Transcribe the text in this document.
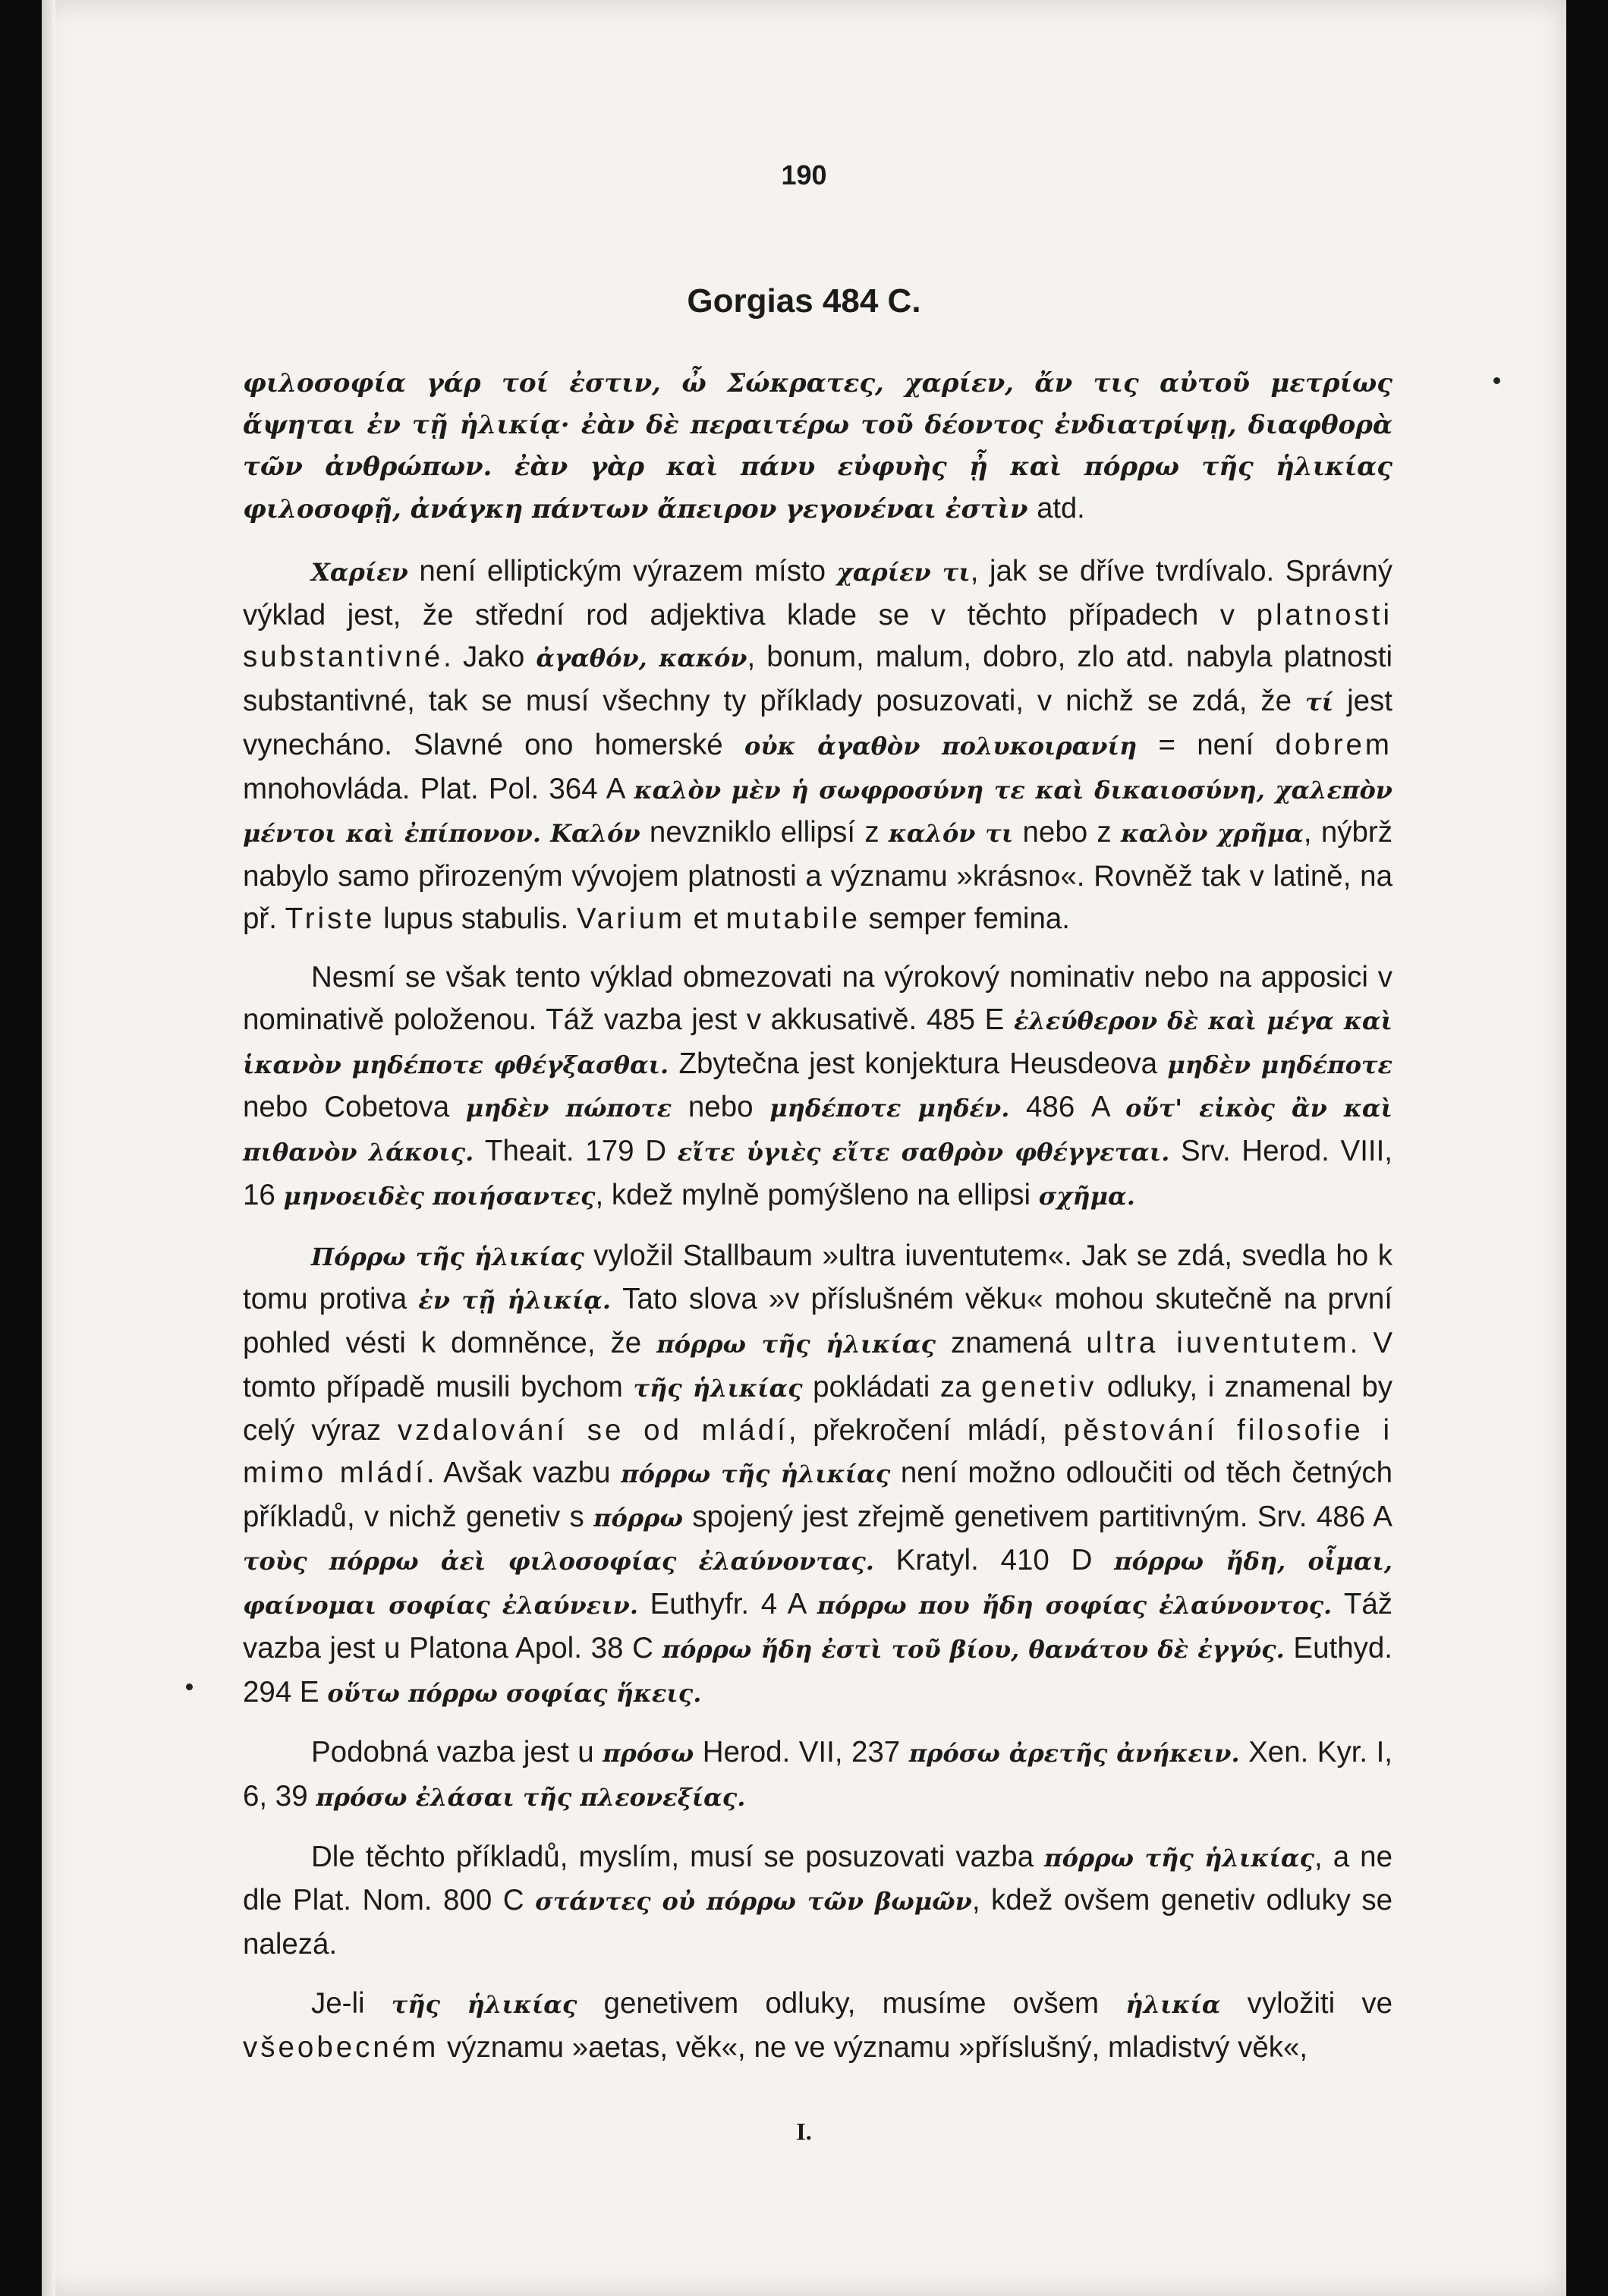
190
Gorgias 484 C.
φιλοσοφία γάρ τοί ἐστιν, ὦ Σώκρατες, χαρίεν, ἄν τις αὐτοῦ μετρίως ἅψηται ἐν τῇ ἡλικίᾳ· ἐὰν δὲ περαιτέρω τοῦ δέοντος ἐνδιατρίψῃ, διαφθορὰ τῶν ἀνθρώπων. ἐὰν γὰρ καὶ πάνυ εὐφυὴς ᾖ καὶ πόρρω τῆς ἡλικίας φιλοσοφῇ, ἀνάγκη πάντων ἄπειρον γεγονέναι ἐστὶν atd.

Χαρίεν není elliptickým výrazem místo χαρίεν τι, jak se dříve tvrdívalo. Správný výklad jest, že střední rod adjektiva klade se v těchto případech v platnosti substantivné. Jako ἀγαθόν, κακόν, bonum, malum, dobro, zlo atd. nabyla platnosti substantivné, tak se musí všechny ty příklady posuzovati, v nichž se zdá, že τί jest vynecháno. Slavné ono homerské οὐκ ἀγαθὸν πολυκοιρανίη = není dobrem mnohovláda. Plat. Pol. 364 A καλὸν μὲν ἡ σωφροσύνη τε καὶ δικαιοσύνη, χαλεπὸν μέντοι καὶ ἐπίπονον. Καλόν nevzniklo ellipsí z καλόν τι nebo z καλὸν χρῆμα, nýbrž nabylo samo přirozeným vývojem platnosti a významu »krásno«. Rovněž tak v latině, na př. Triste lupus stabulis. Varium et mutabile semper femina.

Nesmí se však tento výklad obmezovati na výrokový nominativ nebo na apposici v nominativě položenou. Táž vazba jest v akkusativě. 485 E ἐλεύθερον δὲ καὶ μέγα καὶ ἱκανὸν μηδέποτε φθέγξασθαι. Zbytečna jest konjektura Heusdeova μηδὲν μηδέποτε nebo Cobetova μηδὲν πώποτε nebo μηδέποτε μηδέν. 486 A οὔτ' εἰκὸς ἂν καὶ πιθανὸν λάκοις. Theait. 179 D εἴτε ὑγιὲς εἴτε σαθρὸν φθέγγεται. Srv. Herod. VIII, 16 μηνοειδὲς ποιήσαντες, kdež mylně pomýšleno na ellipsi σχῆμα.

Πόρρω τῆς ἡλικίας vyložil Stallbaum »ultra iuventutem«. Jak se zdá, svedla ho k tomu protiva ἐν τῇ ἡλικίᾳ. Tato slova »v příslušném věku« mohou skutečně na první pohled vésti k domněnce, že πόρρω τῆς ἡλικίας znamená ultra iuventutem. V tomto případě musili bychom τῆς ἡλικίας pokládati za genetiv odluky, i znamenal by celý výraz vzdalování se od mládí, překročení mládí, pěstování filosofie i mimo mládí. Avšak vazbu πόρρω τῆς ἡλικίας není možno odloučiti od těch četných příkladů, v nichž genetiv s πόρρω spojený jest zřejmě genetivem partitivným. Srv. 486 A τοὺς πόρρω ἀεὶ φιλοσοφίας ἐλαύνοντας. Kratyl. 410 D πόρρω ἤδη, οἶμαι, φαίνομαι σοφίας ἐλαύνειν. Euthyfr. 4 A πόρρω που ἤδη σοφίας ἐλαύνοντος. Táž vazba jest u Platona Apol. 38 C πόρρω ἤδη ἐστὶ τοῦ βίου, θανάτου δὲ ἐγγύς. Euthyd. 294 E οὕτω πόρρω σοφίας ἥκεις.

Podobná vazba jest u πρόσω Herod. VII, 237 πρόσω ἀρετῆς ἀνήκειν. Xen. Kyr. I, 6, 39 πρόσω ἐλάσαι τῆς πλεονεξίας.

Dle těchto příkladů, myslím, musí se posuzovati vazba πόρρω τῆς ἡλικίας, a ne dle Plat. Nom. 800 C στάντες οὐ πόρρω τῶν βωμῶν, kdež ovšem genetiv odluky se nalezá.

Je-li τῆς ἡλικίας genetivem odluky, musíme ovšem ἡλικία vyložiti ve všeobecném významu »aetas, věk«, ne ve významu »příslušný, mladistvý věk«,

I.
